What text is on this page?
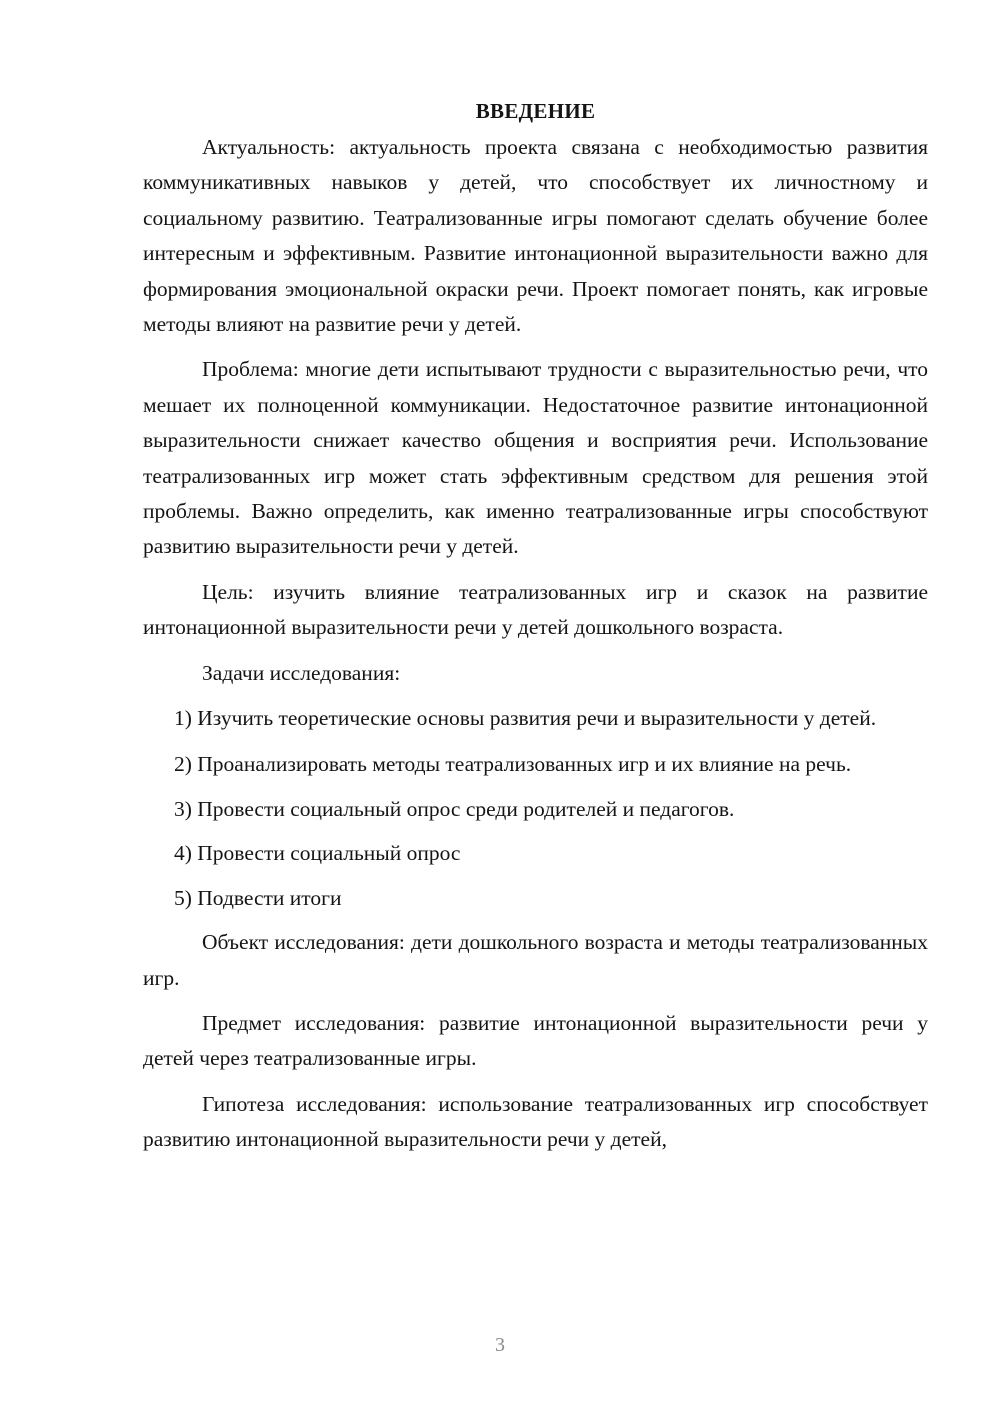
ВВЕДЕНИЕ

Актуальность: актуальность проекта связана с необходимостью развития коммуникативных навыков у детей, что способствует их личностному и социальному развитию. Театрализованные игры помогают сделать обучение более интересным и эффективным. Развитие интонационной выразительности важно для формирования эмоциональной окраски речи. Проект помогает понять, как игровые методы влияют на развитие речи у детей.

Проблема: многие дети испытывают трудности с выразительностью речи, что мешает их полноценной коммуникации. Недостаточное развитие интонационной выразительности снижает качество общения и восприятия речи. Использование театрализованных игр может стать эффективным средством для решения этой проблемы. Важно определить, как именно театрализованные игры способствуют развитию выразительности речи у детей.

Цель: изучить влияние театрализованных игр и сказок на развитие интонационной выразительности речи у детей дошкольного возраста.

Задачи исследования:

1) Изучить теоретические основы развития речи и выразительности у детей.

2) Проанализировать методы театрализованных игр и их влияние на речь.

3) Провести социальный опрос среди родителей и педагогов.

4) Провести социальный опрос

5) Подвести итоги

Объект исследования: дети дошкольного возраста и методы театрализованных игр.

Предмет исследования: развитие интонационной выразительности речи у детей через театрализованные игры.

Гипотеза исследования: использование театрализованных игр способствует развитию интонационной выразительности речи у детей,

3
